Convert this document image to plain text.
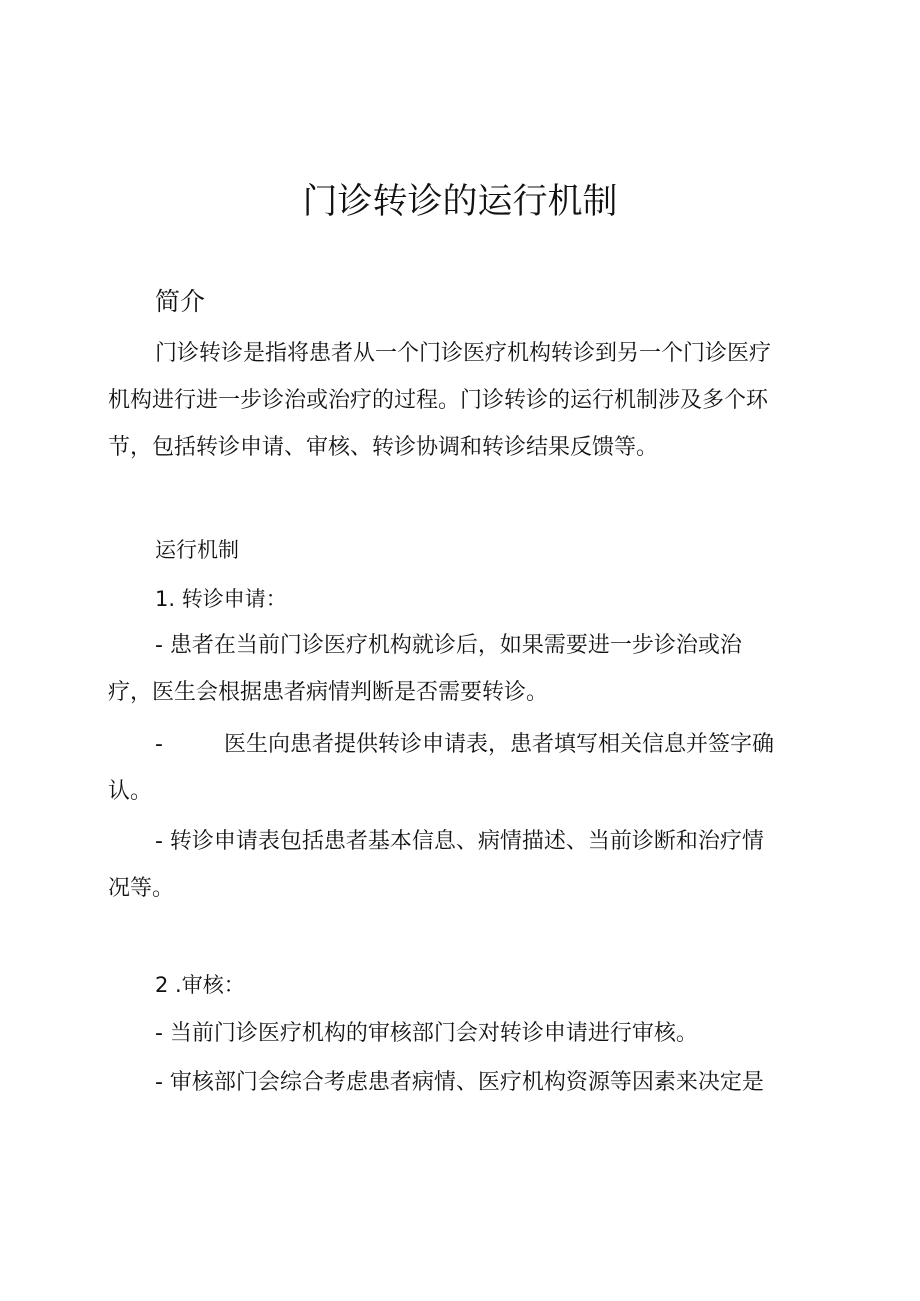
门诊转诊的运行机制
简介
门诊转诊是指将患者从一个门诊医疗机构转诊到另一个门诊医疗
机构进行进一步诊治或治疗的过程。门诊转诊的运行机制涉及多个环
节，包括转诊申请、审核、转诊协调和转诊结果反馈等。
运行机制
1. 转诊申请：
- 患者在当前门诊医疗机构就诊后，如果需要进一步诊治或治
疗，医生会根据患者病情判断是否需要转诊。
-	医生向患者提供转诊申请表，患者填写相关信息并签字确
认。
- 转诊申请表包括患者基本信息、病情描述、当前诊断和治疗情
况等。
2 .审核：
- 当前门诊医疗机构的审核部门会对转诊申请进行审核。
- 审核部门会综合考虑患者病情、医疗机构资源等因素来决定是
